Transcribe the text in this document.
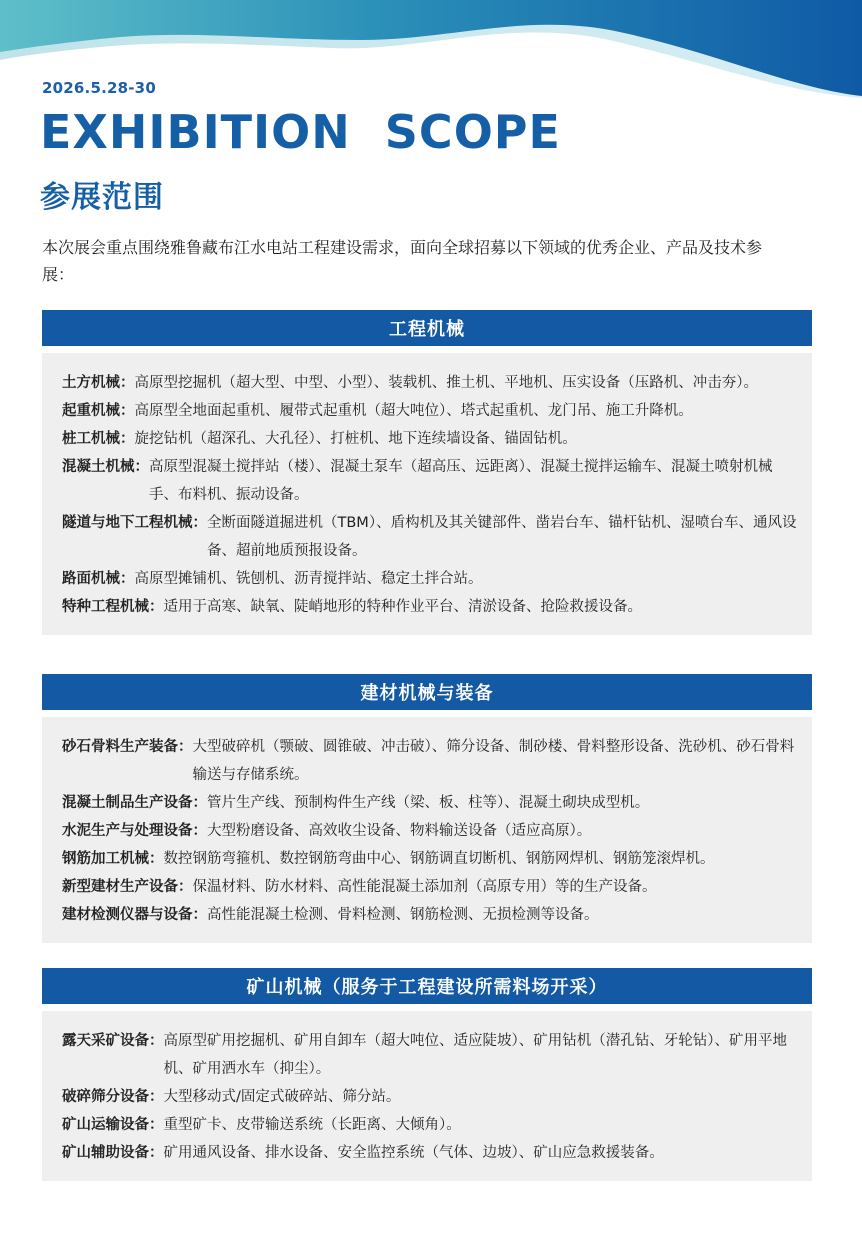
2026.5.28-30
EXHIBITION  SCOPE
参展范围
本次展会重点围绕雅鲁藏布江水电站工程建设需求，面向全球招募以下领域的优秀企业、产品及技术参展：
工程机械
土方机械： 高原型挖掘机（超大型、中型、小型）、装载机、推土机、平地机、压实设备（压路机、冲击夯）。
起重机械： 高原型全地面起重机、履带式起重机（超大吨位）、塔式起重机、龙门吊、施工升降机。
桩工机械： 旋挖钻机（超深孔、大孔径）、打桩机、地下连续墙设备、锚固钻机。
混凝土机械： 高原型混凝土搅拌站（楼）、混凝土泵车（超高压、远距离）、混凝土搅拌运输车、混凝土喷射机械手、布料机、振动设备。
隧道与地下工程机械： 全断面隧道掘进机（TBM）、盾构机及其关键部件、凿岩台车、锚杆钻机、湿喷台车、通风设备、超前地质预报设备。
路面机械： 高原型摊铺机、铣刨机、沥青搅拌站、稳定土拌合站。
特种工程机械： 适用于高寒、缺氧、陡峭地形的特种作业平台、清淤设备、抢险救援设备。
建材机械与装备
砂石骨料生产装备： 大型破碎机（颚破、圆锥破、冲击破）、筛分设备、制砂楼、骨料整形设备、洗砂机、砂石骨料输送与存储系统。
混凝土制品生产设备： 管片生产线、预制构件生产线（梁、板、柱等）、混凝土砌块成型机。
水泥生产与处理设备： 大型粉磨设备、高效收尘设备、物料输送设备（适应高原）。
钢筋加工机械： 数控钢筋弯箍机、数控钢筋弯曲中心、钢筋调直切断机、钢筋网焊机、钢筋笼滚焊机。
新型建材生产设备： 保温材料、防水材料、高性能混凝土添加剂（高原专用）等的生产设备。
建材检测仪器与设备： 高性能混凝土检测、骨料检测、钢筋检测、无损检测等设备。
矿山机械（服务于工程建设所需料场开采）
露天采矿设备： 高原型矿用挖掘机、矿用自卸车（超大吨位、适应陡坡）、矿用钻机（潜孔钻、牙轮钻）、矿用平地机、矿用洒水车（抑尘）。
破碎筛分设备： 大型移动式/固定式破碎站、筛分站。
矿山运输设备： 重型矿卡、皮带输送系统（长距离、大倾角）。
矿山辅助设备： 矿用通风设备、排水设备、安全监控系统（气体、边坡）、矿山应急救援装备。
